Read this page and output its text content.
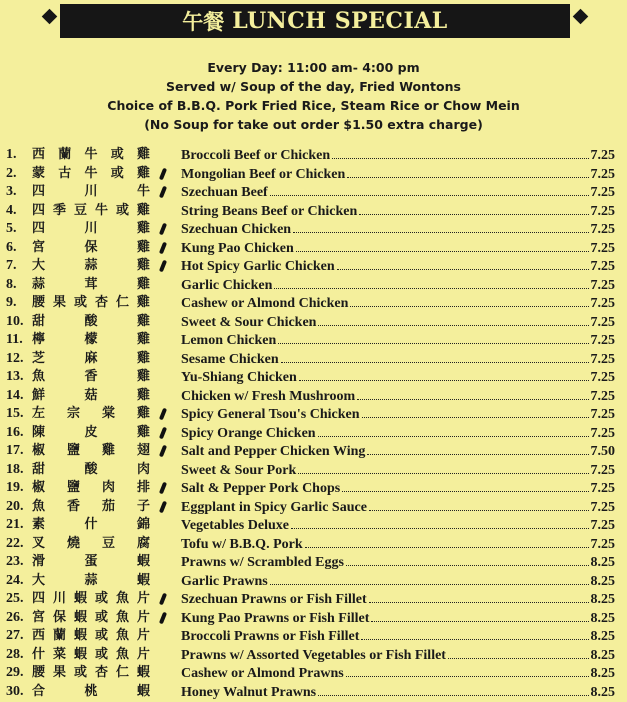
午餐 LUNCH SPECIAL
Every Day: 11:00 am- 4:00 pm
Served w/ Soup of the day, Fried Wontons
Choice of B.B.Q. Pork Fried Rice, Steam Rice or Chow Mein
(No Soup for take out order $1.50 extra charge)
1.	西 蘭 牛 或 雞 Broccoli Beef or Chicken	7.25
2.	蒙 古 牛 或 雞 Mongolian Beef or Chicken	7.25
3.	四	川	牛 Szechuan Beef	7.25
4.	四 季 豆 牛 或 雞 String Beans Beef or Chicken	7.25
5.	四	川	雞 Szechuan Chicken	7.25
6.	宮	保	雞 Kung Pao Chicken	7.25
7.	大	蒜	雞 Hot Spicy Garlic Chicken	7.25
8.	蒜	茸	雞 Garlic Chicken	7.25
9.	腰 果 或 杏 仁 雞 Cashew or Almond Chicken	7.25
10. 甜	酸	雞 Sweet & Sour Chicken	7.25
11. 檸	檬	雞 Lemon Chicken	7.25
12. 芝	麻	雞 Sesame Chicken	7.25
13. 魚	香	雞 Yu-Shiang Chicken	7.25
14. 鮮	菇	雞 Chicken w/ Fresh Mushroom	7.25
15. 左 宗 棠 雞 Spicy General Tsou's Chicken	7.25
16. 陳	皮	雞 Spicy Orange Chicken	7.25
17. 椒 鹽 雞 翅 Salt and Pepper Chicken Wing	7.50
18. 甜	酸	肉 Sweet & Sour Pork	7.25
19. 椒 鹽 肉 排 Salt & Pepper Pork Chops	7.25
20. 魚 香 茄 子 Eggplant in Spicy Garlic Sauce	7.25
21. 素	什	錦 Vegetables Deluxe	7.25
22. 叉 燒 豆 腐 Tofu w/ B.B.Q. Pork	7.25
23. 滑	蛋	蝦 Prawns w/ Scrambled Eggs	8.25
24. 大	蒜	蝦 Garlic Prawns	8.25
25. 四 川 蝦 或 魚 片 Szechuan Prawns or Fish Fillet	8.25
26. 宮 保 蝦 或 魚 片 Kung Pao Prawns or Fish Fillet	8.25
27. 西 蘭 蝦 或 魚 片 Broccoli Prawns or Fish Fillet	8.25
28. 什 菜 蝦 或 魚 片 Prawns w/ Assorted Vegetables or Fish Fillet	8.25
29. 腰 果 或 杏 仁 蝦 Cashew or Almond Prawns	8.25
30. 合	桃	蝦 Honey Walnut Prawns	8.25
